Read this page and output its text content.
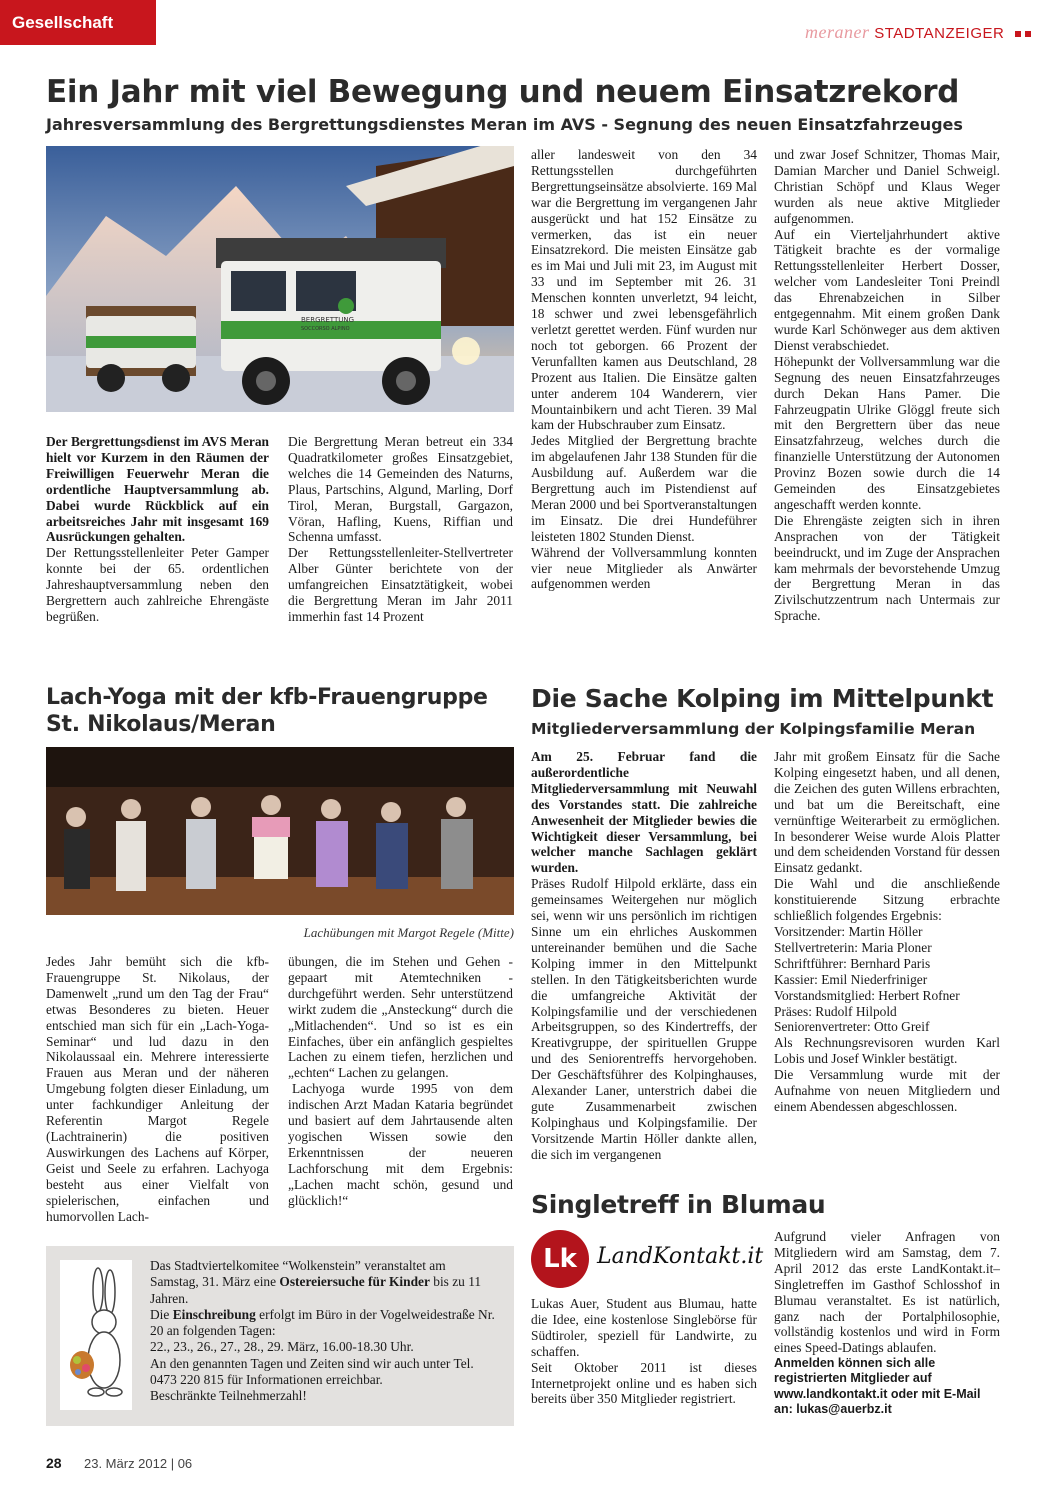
Gesellschaft	meraner STADTANZEIGER
Ein Jahr mit viel Bewegung und neuem Einsatzrekord
Jahresversammlung des Bergrettungsdienstes Meran im AVS - Segnung des neuen Einsatzfahrzeuges
BERGRETTUNG
SOCCORSO ALPINO

Der Bergrettungsdienst im AVS Meran hielt vor Kurzem in den Räumen der Freiwilligen Feuerwehr Meran die ordentliche Hauptversammlung ab. Dabei wurde Rückblick auf ein arbeitsreiches Jahr mit insgesamt 169 Ausrückungen gehalten.

Der Rettungsstellenleiter Peter Gamper konnte bei der 65. ordentlichen Jahreshauptversammlung neben den Bergrettern auch zahlreiche Ehrengäste begrüßen.

Die Bergrettung Meran betreut ein 334 Quadratkilometer großes Einsatzgebiet, welches die 14 Gemeinden des Naturns, Plaus, Partschins, Algund, Marling, Dorf Tirol, Meran, Burgstall, Gargazon, Vöran, Hafling, Kuens, Riffian und Schenna umfasst.

Der Rettungsstellenleiter-Stellvertreter Alber Günter berichtete von der umfangreichen Einsatztätigkeit, wobei die Bergrettung Meran im Jahr 2011 immerhin fast 14 Prozent

aller landesweit von den 34 Rettungsstellen durchgeführten Bergrettungseinsätze absolvierte. 169 Mal war die Bergrettung im vergangenen Jahr ausgerückt und hat 152 Einsätze zu vermerken, das ist ein neuer Einsatzrekord. Die meisten Einsätze gab es im Mai und Juli mit 23, im August mit 33 und im September mit 26. 31 Menschen konnten unverletzt, 94 leicht, 18 schwer und zwei lebensgefährlich verletzt gerettet werden. Fünf wurden nur noch tot geborgen. 66 Prozent der Verunfallten kamen aus Deutschland, 28 Prozent aus Italien. Die Einsätze galten unter anderem 104 Wanderern, vier Mountainbikern und acht Tieren. 39 Mal kam der Hubschrauber zum Einsatz.

Jedes Mitglied der Bergrettung brachte im abgelaufenen Jahr 138 Stunden für die Ausbildung auf. Außerdem war die Bergrettung auch im Pistendienst auf Meran 2000 und bei Sportveranstaltungen im Einsatz. Die drei Hundeführer leisteten 1802 Stunden Dienst.

Während der Vollversammlung konnten vier neue Mitglieder als Anwärter aufgenommen werden

und zwar Josef Schnitzer, Thomas Mair, Damian Marcher und Daniel Schweigl. Christian Schöpf und Klaus Weger wurden als neue aktive Mitglieder aufgenommen.

Auf ein Vierteljahrhundert aktive Tätigkeit brachte es der vormalige Rettungsstellenleiter Herbert Dosser, welcher vom Landesleiter Toni Preindl das Ehrenabzeichen in Silber entgegennahm. Mit einem großen Dank wurde Karl Schönweger aus dem aktiven Dienst verabschiedet.

Höhepunkt der Vollversammlung war die Segnung des neuen Einsatzfahrzeuges durch Dekan Hans Pamer. Die Fahrzeugpatin Ulrike Glöggl freute sich mit den Bergrettern über das neue Einsatzfahrzeug, welches durch die finanzielle Unterstützung der Autonomen Provinz Bozen sowie durch die 14 Gemeinden des Einsatzgebietes angeschafft werden konnte.

Die Ehrengäste zeigten sich in ihren Ansprachen von der Tätigkeit beeindruckt, und im Zuge der Ansprachen kam mehrmals der bevorstehende Umzug der Bergrettung Meran in das Zivilschutzzentrum nach Untermais zur Sprache.

Lach-Yoga mit der kfb-Frauengruppe
St. Nikolaus/Meran
Lachübungen mit Margot Regele (Mitte)

Jedes Jahr bemüht sich die kfb-Frauengruppe St. Nikolaus, der Damenwelt „rund um den Tag der Frau“ etwas Besonderes zu bieten. Heuer entschied man sich für ein „Lach-Yoga-Seminar“ und lud dazu in den Nikolaussaal ein. Mehrere interessierte Frauen aus Meran und der näheren Umgebung folgten dieser Einladung, um unter fachkundiger Anleitung der Referentin Margot Regele (Lachtrainerin) die positiven Auswirkungen des Lachens auf Körper, Geist und Seele zu erfahren. Lachyoga besteht aus einer Vielfalt von spielerischen, einfachen und humorvollen Lach-

übungen, die im Stehen und Gehen - gepaart mit Atemtechniken - durchgeführt werden. Sehr unterstützend wirkt zudem die „Ansteckung“ durch die „Mitlachenden“. Und so ist es ein Einfaches, über ein anfänglich gespieltes Lachen zu einem tiefen, herzlichen und „echten“ Lachen zu gelangen.

Lachyoga wurde 1995 von dem indischen Arzt Madan Kataria begründet und basiert auf dem Jahrtausende alten yogischen Wissen sowie den Erkenntnissen der neueren Lachforschung mit dem Ergebnis: „Lachen macht schön, gesund und glücklich!“

Das Stadtviertelkomitee “Wolkenstein” veranstaltet am Samstag, 31. März eine Ostereiersuche für Kinder bis zu 11 Jahren.

Die Einschreibung erfolgt im Büro in der Vogelweidestraße Nr. 20 an folgenden Tagen:

22., 23., 26., 27., 28., 29. März, 16.00-18.30 Uhr.

An den genannten Tagen und Zeiten sind wir auch unter Tel. 0473 220 815 für Informationen erreichbar.

Beschränkte Teilnehmerzahl!

Die Sache Kolping im Mittelpunkt
Mitgliederversammlung der Kolpingsfamilie Meran

Am 25. Februar fand die außerordentliche Mitgliederversammlung mit Neuwahl des Vorstandes statt. Die zahlreiche Anwesenheit der Mitglieder bewies die Wichtigkeit dieser Versammlung, bei welcher manche Sachlagen geklärt wurden.

Präses Rudolf Hilpold erklärte, dass ein gemeinsames Weitergehen nur möglich sei, wenn wir uns persönlich im richtigen Sinne um ein ehrliches Auskommen untereinander bemühen und die Sache Kolping immer in den Mittelpunkt stellen. In den Tätigkeitsberichten wurde die umfangreiche Aktivität der Kolpingsfamilie und der verschiedenen Arbeitsgruppen, so des Kindertreffs, der Kreativgruppe, der spirituellen Gruppe und des Seniorentreffs hervorgehoben. Der Geschäftsführer des Kolpinghauses, Alexander Laner, unterstrich dabei die gute Zusammenarbeit zwischen Kolpinghaus und Kolpingsfamilie. Der Vorsitzende Martin Höller dankte allen, die sich im vergangenen

Jahr mit großem Einsatz für die Sache Kolping eingesetzt haben, und all denen, die Zeichen des guten Willens erbrachten, und bat um die Bereitschaft, eine vernünftige Weiterarbeit zu ermöglichen. In besonderer Weise wurde Alois Platter und dem scheidenden Vorstand für dessen Einsatz gedankt.

Die Wahl und die anschließende konstituierende Sitzung erbrachte schließlich folgendes Ergebnis:

Vorsitzender: Martin Höller

Stellvertreterin: Maria Ploner

Schriftführer: Bernhard Paris

Kassier: Emil Niederfriniger

Vorstandsmitglied: Herbert Rofner

Präses: Rudolf Hilpold

Seniorenvertreter: Otto Greif

Als Rechnungsrevisoren wurden Karl Lobis und Josef Winkler bestätigt.

Die Versammlung wurde mit der Aufnahme von neuen Mitgliedern und einem Abendessen abgeschlossen.

Singletreff in Blumau
Lk LandKontakt.it

Lukas Auer, Student aus Blumau, hatte die Idee, eine kostenlose Singlebörse für Südtiroler, speziell für Landwirte, zu schaffen.

Seit Oktober 2011 ist dieses Internetprojekt online und es haben sich bereits über 350 Mitglieder registriert.

Aufgrund vieler Anfragen von Mitgliedern wird am Samstag, dem 7. April 2012 das erste LandKontakt.it–Singletreffen im Gasthof Schlosshof in Blumau veranstaltet. Es ist natürlich, ganz nach der Portalphilosophie, vollständig kostenlos und wird in Form eines Speed-Datings ablaufen.

Anmelden können sich alle registrierten Mitglieder auf www.landkontakt.it oder mit E-Mail an: lukas@auerbz.it

28 23. März 2012 | 06
